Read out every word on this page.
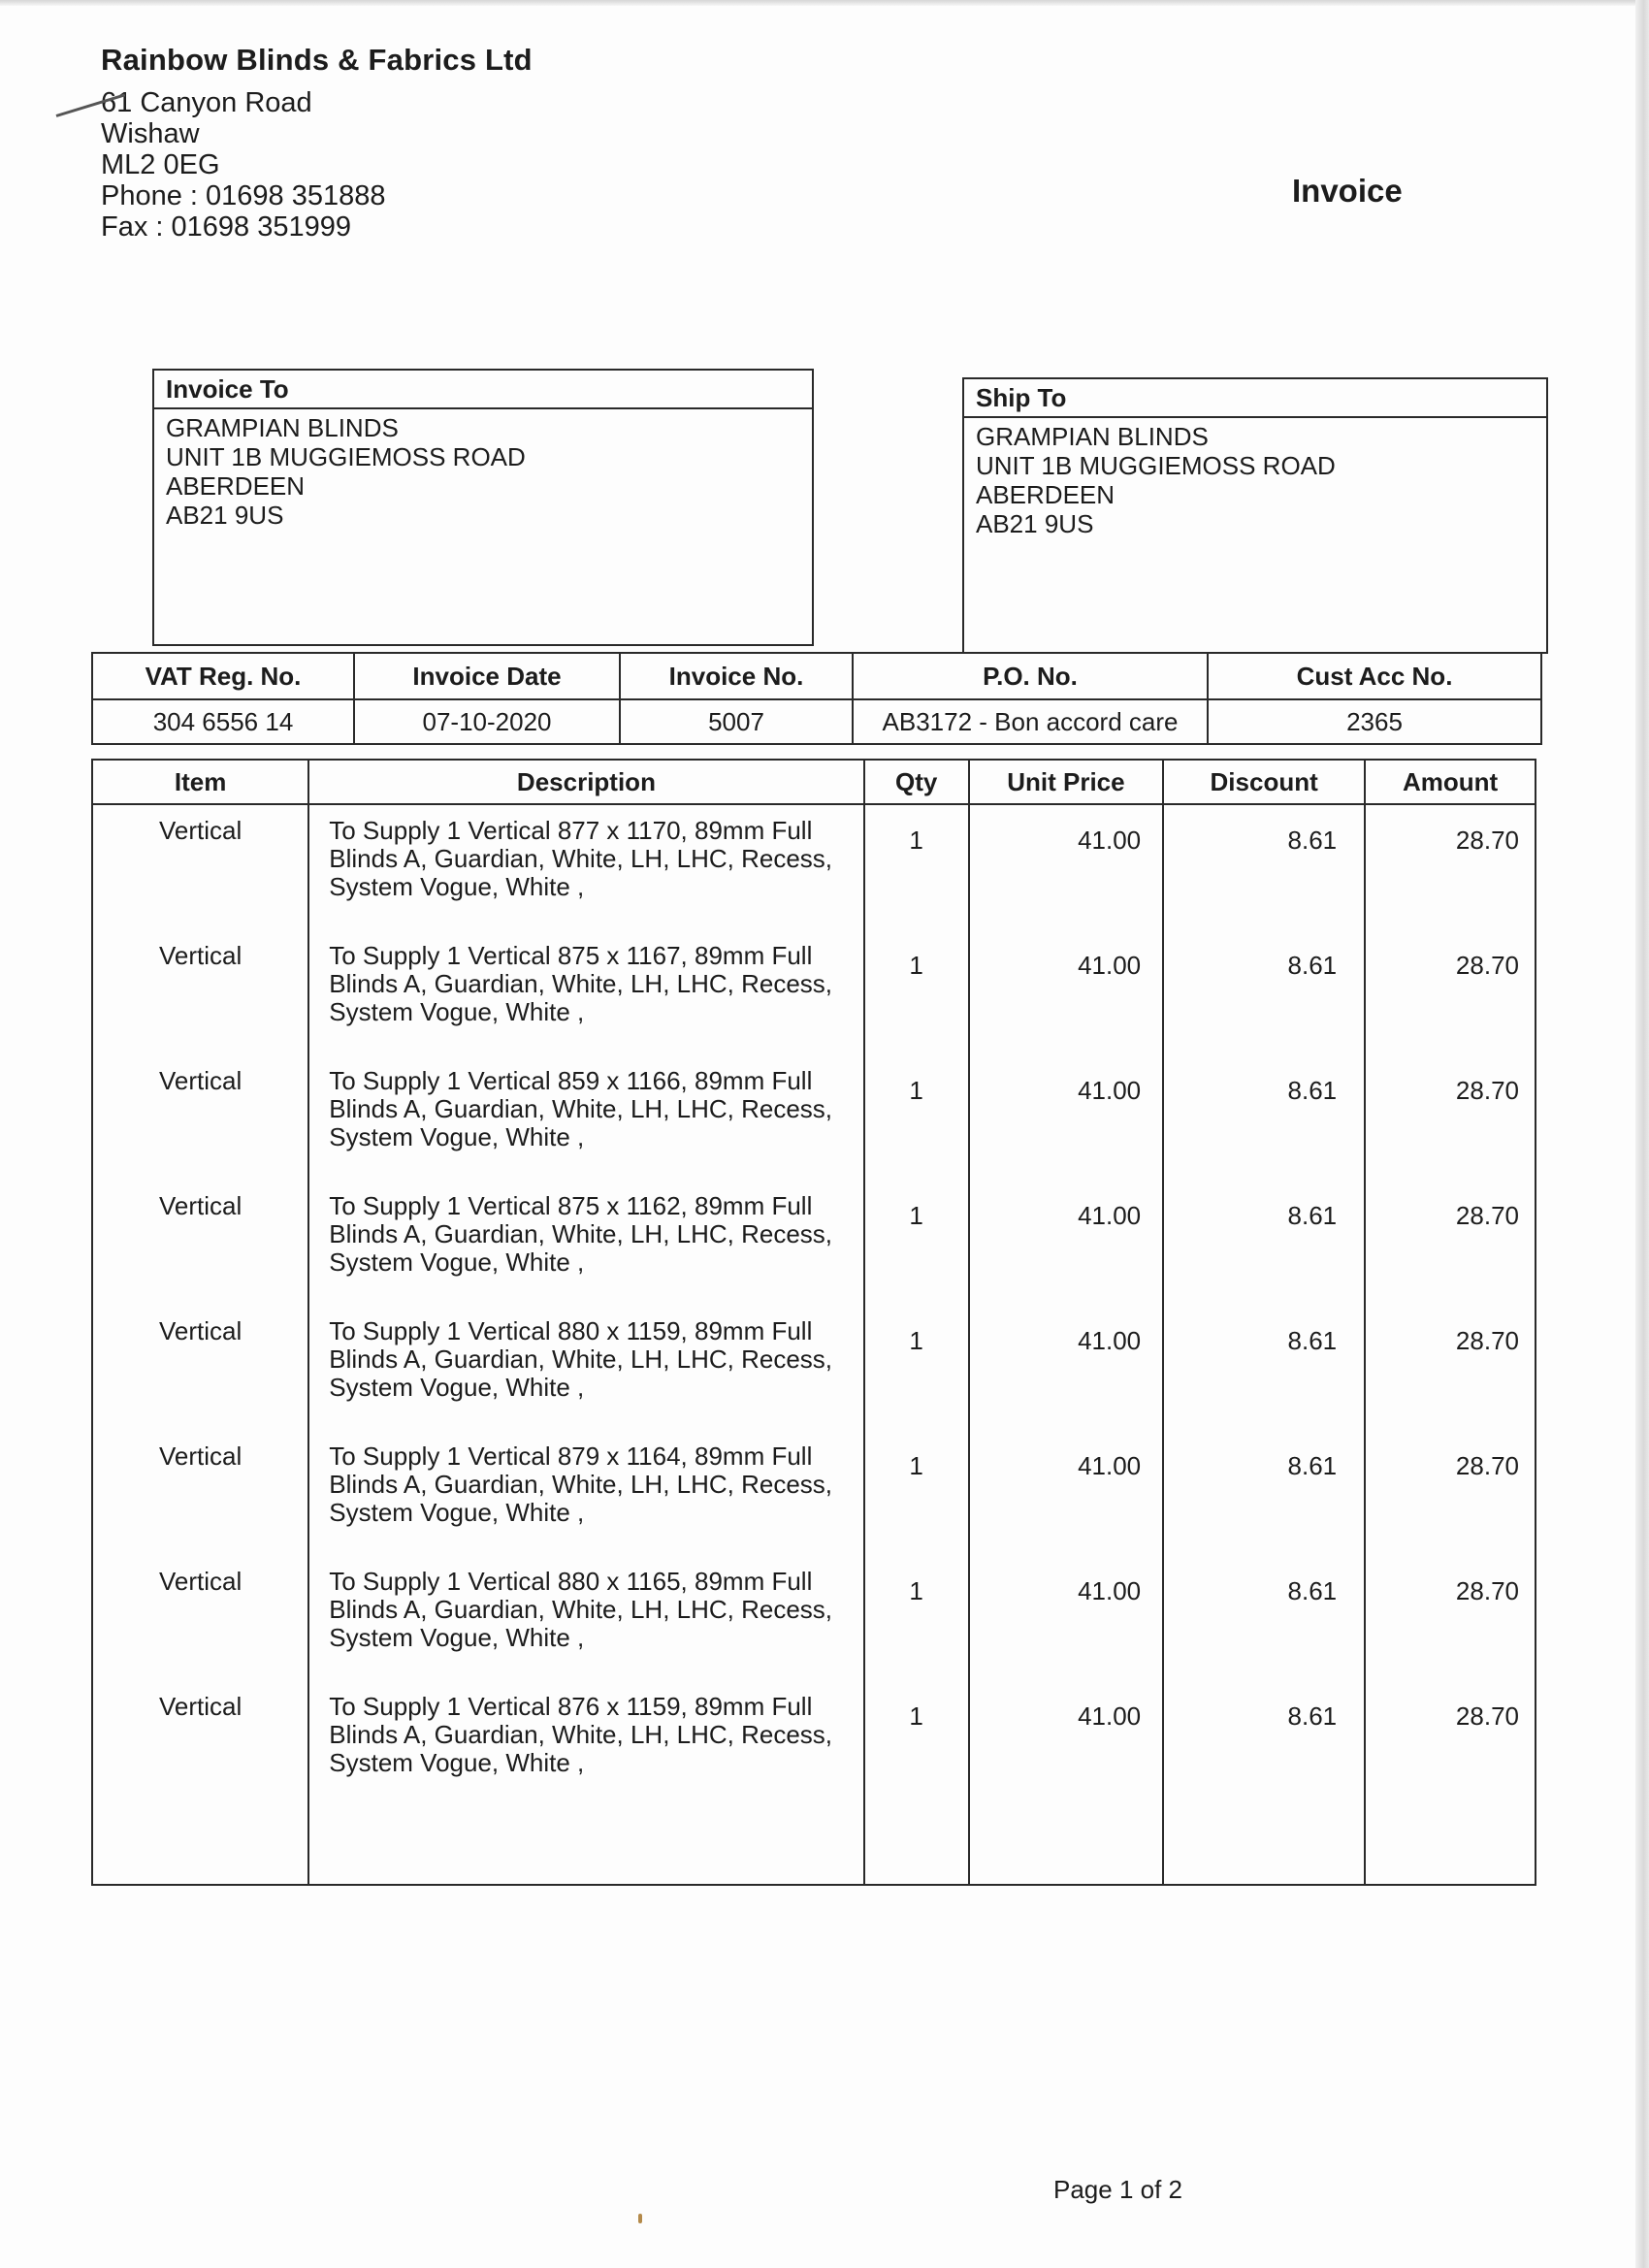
Rainbow Blinds & Fabrics Ltd
61 Canyon Road
Wishaw
ML2 0EG
Phone : 01698 351888
Fax : 01698 351999
Invoice
Invoice To
GRAMPIAN BLINDS
UNIT 1B MUGGIEMOSS ROAD
ABERDEEN
AB21 9US
Ship To
GRAMPIAN BLINDS
UNIT 1B MUGGIEMOSS ROAD
ABERDEEN
AB21 9US
VAT Reg. No.	Invoice Date	Invoice No.	P.O. No.	Cust Acc No.
304 6556 14	07-10-2020	5007	AB3172 - Bon accord care	2365
Item	Description	Qty	Unit Price	Discount	Amount
Vertical	To Supply 1 Vertical 877 x 1170, 89mm Full
Blinds A, Guardian, White, LH, LHC, Recess,
System Vogue, White ,	1	41.00	8.61	28.70
Vertical	To Supply 1 Vertical 875 x 1167, 89mm Full
Blinds A, Guardian, White, LH, LHC, Recess,
System Vogue, White ,	1	41.00	8.61	28.70
Vertical	To Supply 1 Vertical 859 x 1166, 89mm Full
Blinds A, Guardian, White, LH, LHC, Recess,
System Vogue, White ,	1	41.00	8.61	28.70
Vertical	To Supply 1 Vertical 875 x 1162, 89mm Full
Blinds A, Guardian, White, LH, LHC, Recess,
System Vogue, White ,	1	41.00	8.61	28.70
Vertical	To Supply 1 Vertical 880 x 1159, 89mm Full
Blinds A, Guardian, White, LH, LHC, Recess,
System Vogue, White ,	1	41.00	8.61	28.70
Vertical	To Supply 1 Vertical 879 x 1164, 89mm Full
Blinds A, Guardian, White, LH, LHC, Recess,
System Vogue, White ,	1	41.00	8.61	28.70
Vertical	To Supply 1 Vertical 880 x 1165, 89mm Full
Blinds A, Guardian, White, LH, LHC, Recess,
System Vogue, White ,	1	41.00	8.61	28.70
Vertical	To Supply 1 Vertical 876 x 1159, 89mm Full
Blinds A, Guardian, White, LH, LHC, Recess,
System Vogue, White ,	1	41.00	8.61	28.70

Page 1 of 2
